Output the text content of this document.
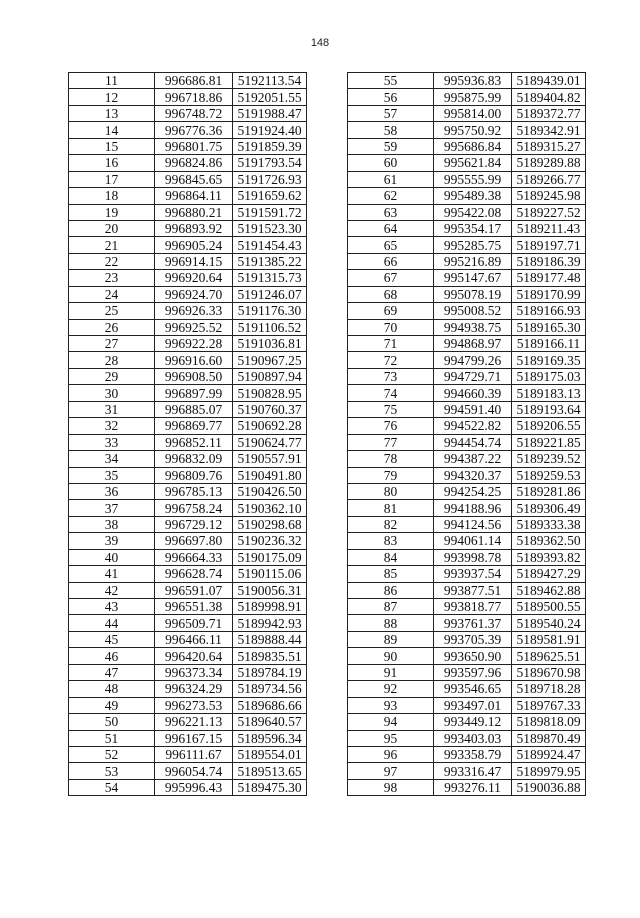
148
11	996686.81	5192113.54
12	996718.86	5192051.55
13	996748.72	5191988.47
14	996776.36	5191924.40
15	996801.75	5191859.39
16	996824.86	5191793.54
17	996845.65	5191726.93
18	996864.11	5191659.62
19	996880.21	5191591.72
20	996893.92	5191523.30
21	996905.24	5191454.43
22	996914.15	5191385.22
23	996920.64	5191315.73
24	996924.70	5191246.07
25	996926.33	5191176.30
26	996925.52	5191106.52
27	996922.28	5191036.81
28	996916.60	5190967.25
29	996908.50	5190897.94
30	996897.99	5190828.95
31	996885.07	5190760.37
32	996869.77	5190692.28
33	996852.11	5190624.77
34	996832.09	5190557.91
35	996809.76	5190491.80
36	996785.13	5190426.50
37	996758.24	5190362.10
38	996729.12	5190298.68
39	996697.80	5190236.32
40	996664.33	5190175.09
41	996628.74	5190115.06
42	996591.07	5190056.31
43	996551.38	5189998.91
44	996509.71	5189942.93
45	996466.11	5189888.44
46	996420.64	5189835.51
47	996373.34	5189784.19
48	996324.29	5189734.56
49	996273.53	5189686.66
50	996221.13	5189640.57
51	996167.15	5189596.34
52	996111.67	5189554.01
53	996054.74	5189513.65
54	995996.43	5189475.30
55	995936.83	5189439.01
56	995875.99	5189404.82
57	995814.00	5189372.77
58	995750.92	5189342.91
59	995686.84	5189315.27
60	995621.84	5189289.88
61	995555.99	5189266.77
62	995489.38	5189245.98
63	995422.08	5189227.52
64	995354.17	5189211.43
65	995285.75	5189197.71
66	995216.89	5189186.39
67	995147.67	5189177.48
68	995078.19	5189170.99
69	995008.52	5189166.93
70	994938.75	5189165.30
71	994868.97	5189166.11
72	994799.26	5189169.35
73	994729.71	5189175.03
74	994660.39	5189183.13
75	994591.40	5189193.64
76	994522.82	5189206.55
77	994454.74	5189221.85
78	994387.22	5189239.52
79	994320.37	5189259.53
80	994254.25	5189281.86
81	994188.96	5189306.49
82	994124.56	5189333.38
83	994061.14	5189362.50
84	993998.78	5189393.82
85	993937.54	5189427.29
86	993877.51	5189462.88
87	993818.77	5189500.55
88	993761.37	5189540.24
89	993705.39	5189581.91
90	993650.90	5189625.51
91	993597.96	5189670.98
92	993546.65	5189718.28
93	993497.01	5189767.33
94	993449.12	5189818.09
95	993403.03	5189870.49
96	993358.79	5189924.47
97	993316.47	5189979.95
98	993276.11	5190036.88
